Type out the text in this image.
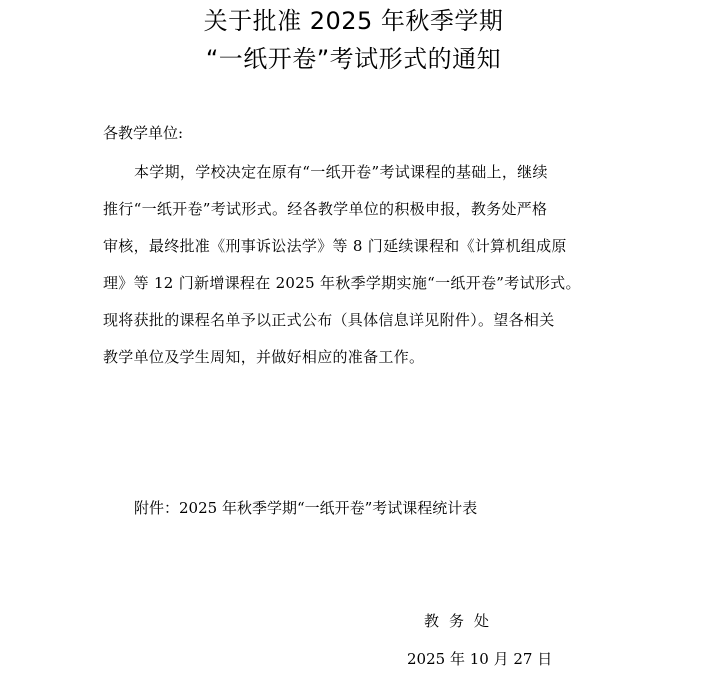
关于批准 2025 年秋季学期
“一纸开卷”考试形式的通知
各教学单位:
本学期，学校决定在原有“一纸开卷”考试课程的基础上，继续
推行“一纸开卷”考试形式。经各教学单位的积极申报，教务处严格
审核，最终批准《刑事诉讼法学》等 8 门延续课程和《计算机组成原
理》等 12 门新增课程在 2025 年秋季学期实施“一纸开卷”考试形式。
现将获批的课程名单予以正式公布（具体信息详见附件）。望各相关
教学单位及学生周知，并做好相应的准备工作。
附件：2025 年秋季学期“一纸开卷”考试课程统计表
教务处
2025 年 10 月 27 日
